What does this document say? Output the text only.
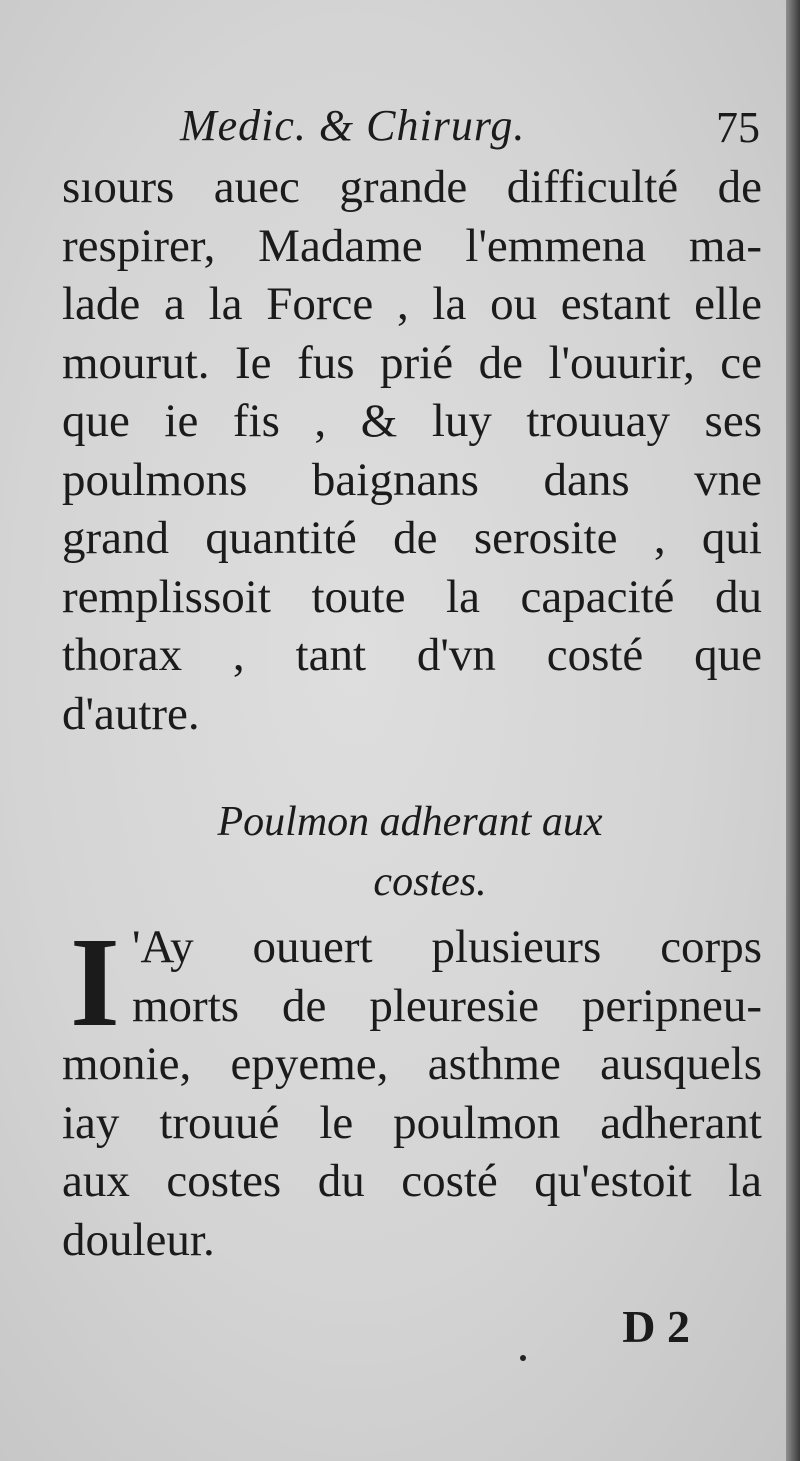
Medic. & Chirurg.	75
sıours auec grande difficulté de
respirer, Madame l'emmena ma-
lade a la Force , la ou estant elle
mourut. Ie fus prié de l'ouurir, ce
que ie fis , & luy trouuay ses
poulmons baignans dans vne
grand quantité de serosite , qui
remplissoit toute la capacité du
thorax , tant d'vn costé que
d'autre.
Poulmon adherant aux
costes.
I 'Ay ouuert plusieurs corps
morts de pleuresie peripneu-
monie, epyeme, asthme ausquels
iay trouué le poulmon adherant
aux costes du costé qu'estoit la
douleur.
D 2
